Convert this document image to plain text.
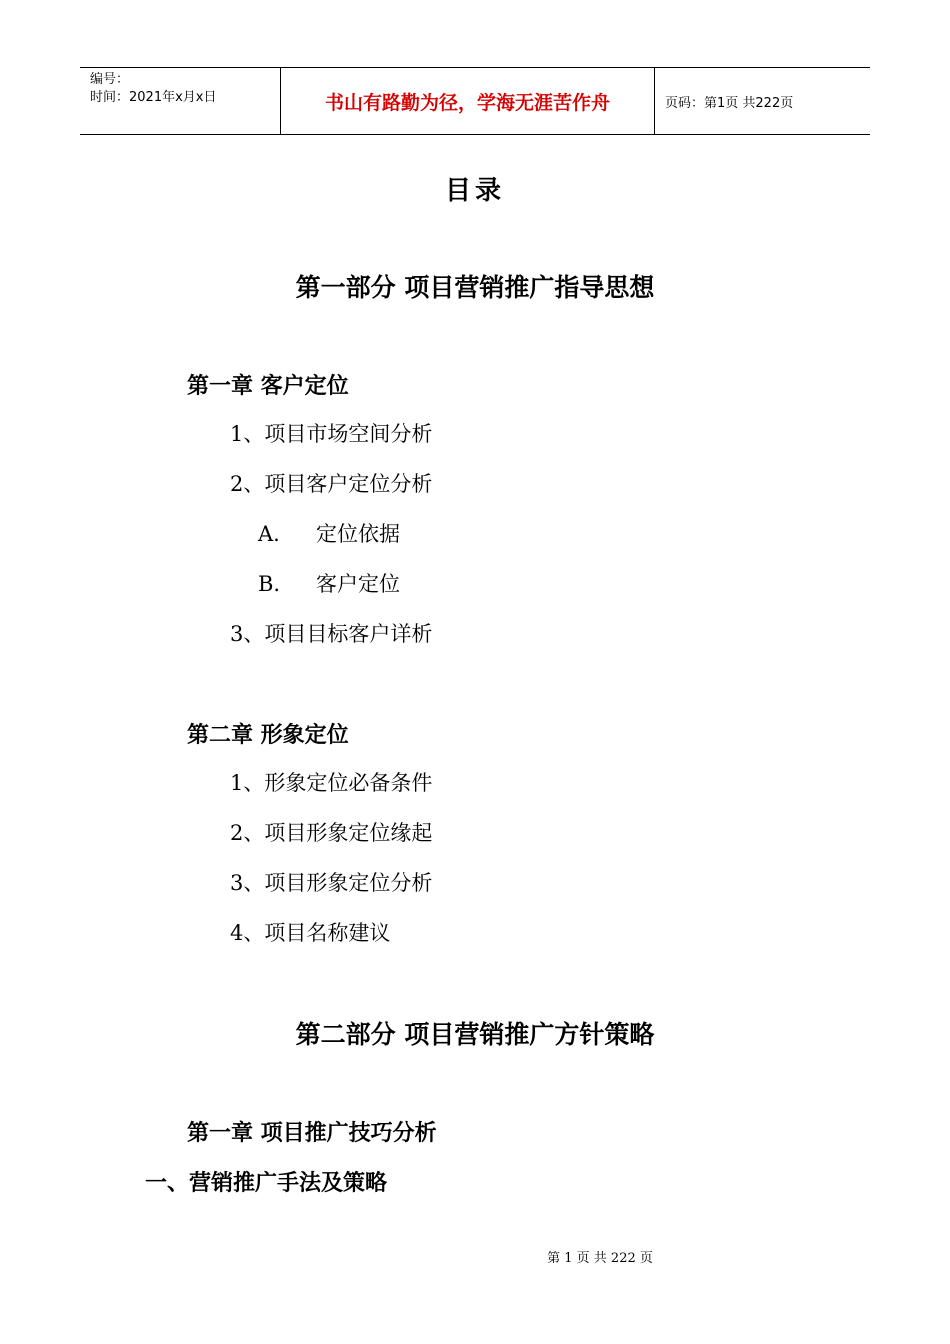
编号：
时间：2021年x月x日	书山有路勤为径，学海无涯苦作舟	页码：第1页 共222页
目录
第一部分 项目营销推广指导思想
第一章 客户定位
1、项目市场空间分析
2、项目客户定位分析
A. 定位依据
B. 客户定位
3、项目目标客户详析
第二章 形象定位
1、形象定位必备条件
2、项目形象定位缘起
3、项目形象定位分析
4、项目名称建议
第二部分 项目营销推广方针策略
第一章 项目推广技巧分析
一、营销推广手法及策略
第 1 页 共 222 页
